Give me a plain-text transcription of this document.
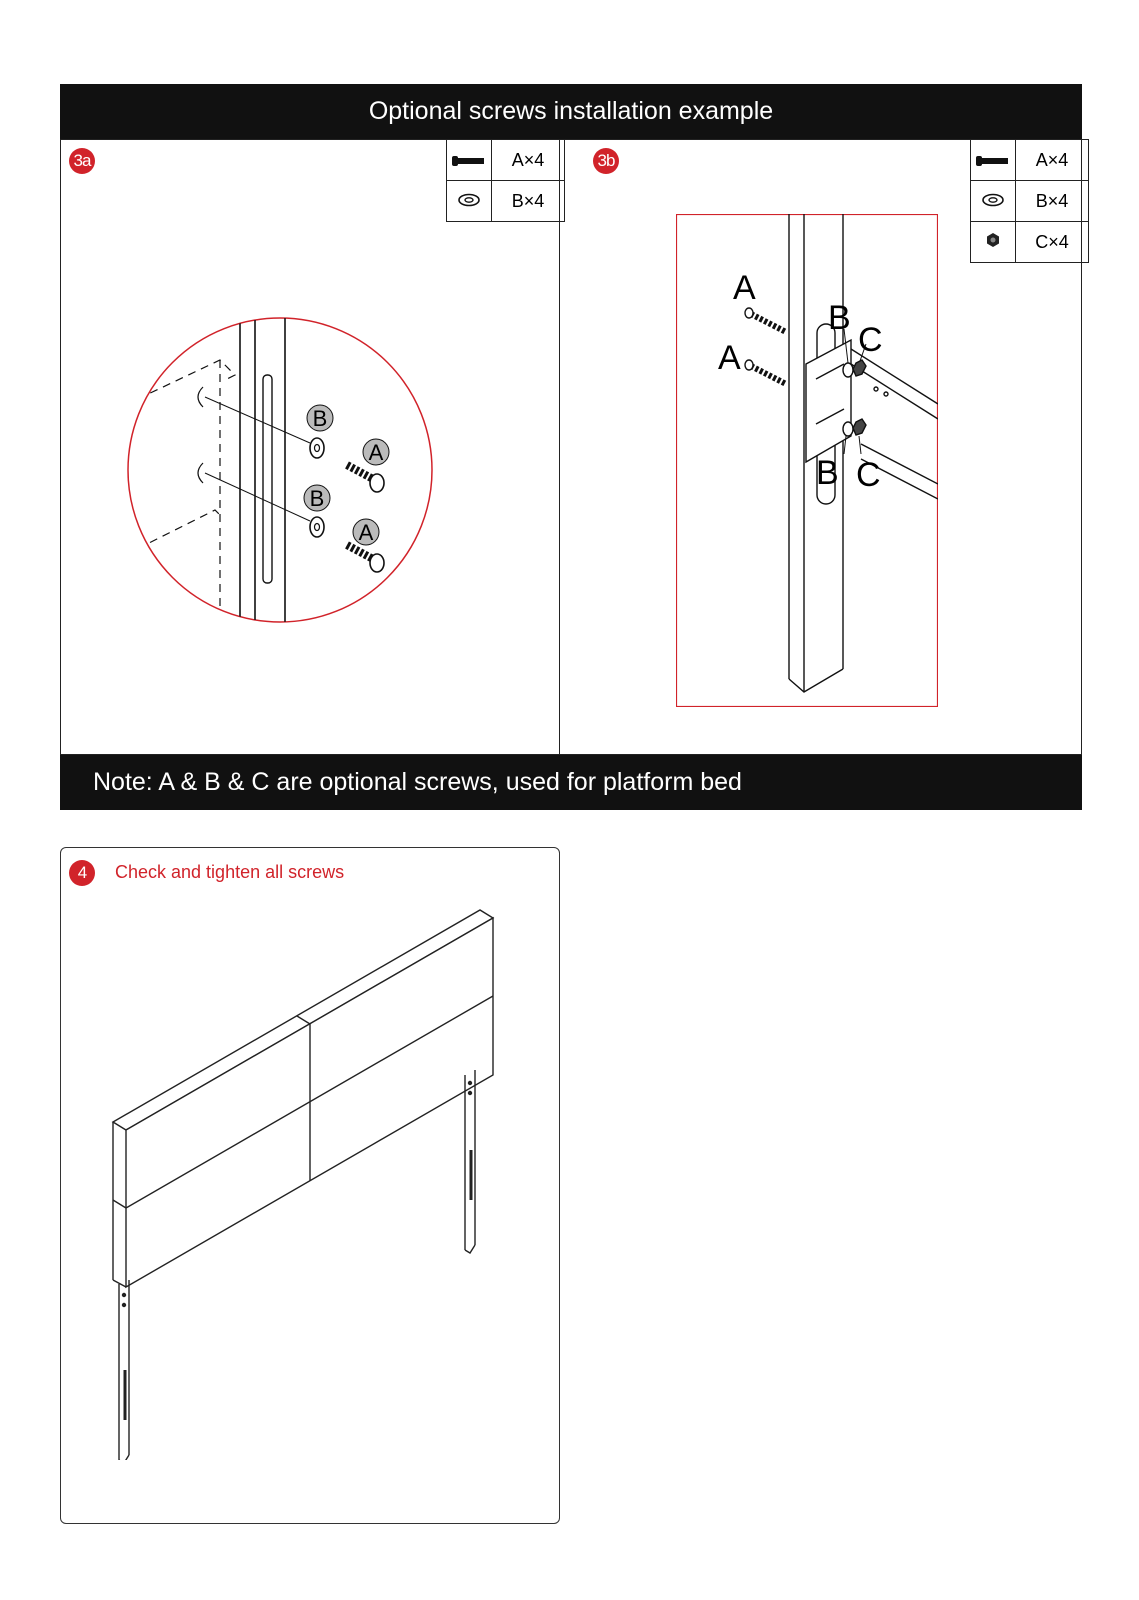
Optional screws installation example
3a
		A×4
	B×4
B
B
A
A
3b
		A×4
	B×4
	C×4
A
A
B
B
C
C
Note: A & B & C are optional screws, used for platform bed
4 Check and tighten all screws
